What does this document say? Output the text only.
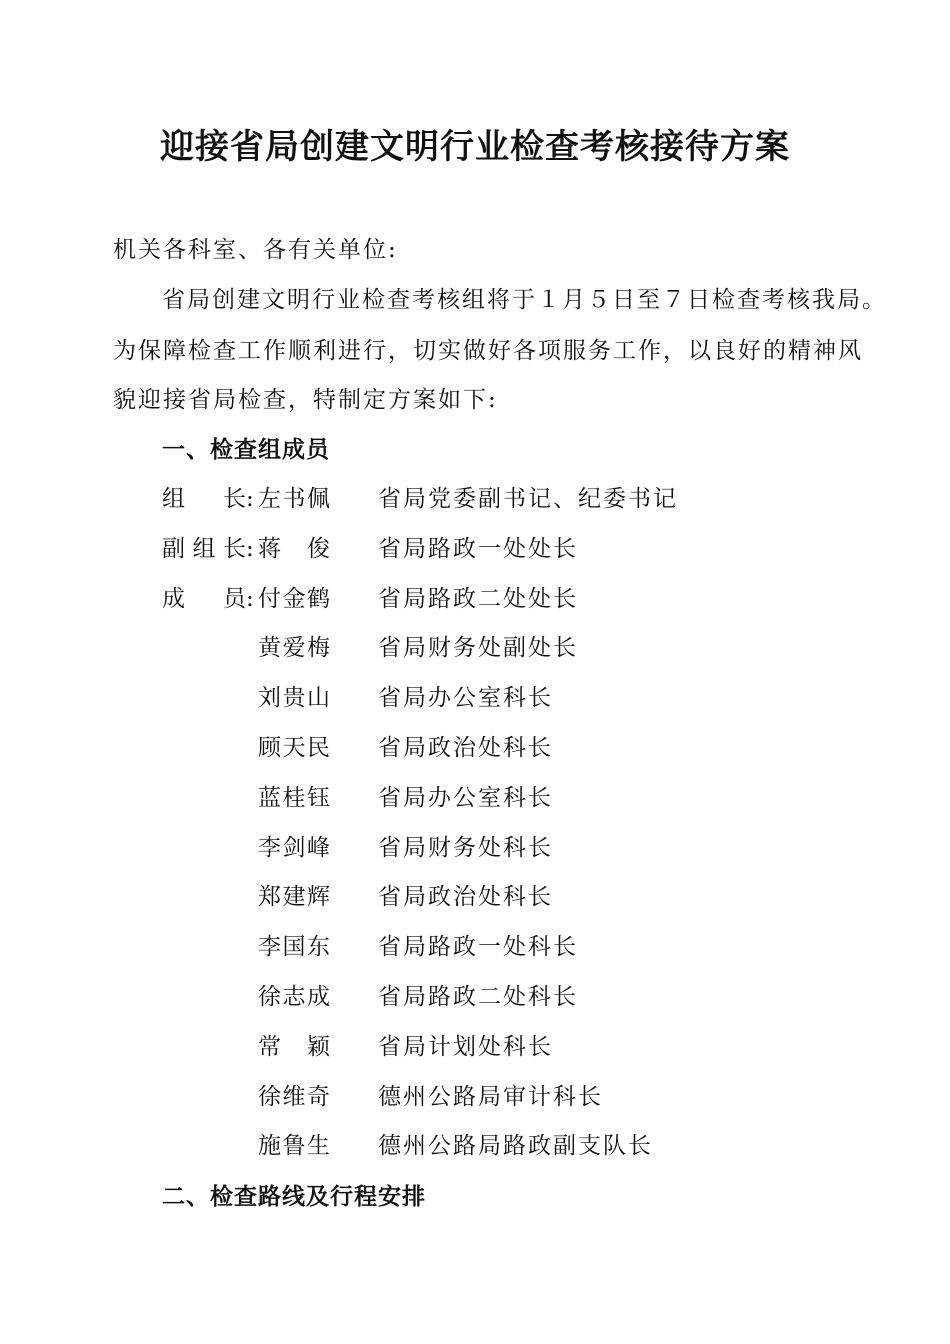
迎接省局创建文明行业检查考核接待方案
机关各科室、各有关单位:
省局创建文明行业检查考核组将于１月５日至７日检查考核我局。
为保障检查工作顺利进行，切实做好各项服务工作，以良好的精神风
貌迎接省局检查，特制定方案如下:
一、检查组成员
组长 : 左书佩 省局党委副书记、纪委书记
副组长 : 蒋俊 省局路政一处处长
成员 : 付金鹤 省局路政二处处长
黄爱梅 省局财务处副处长
刘贵山 省局办公室科长
顾天民 省局政治处科长
蓝桂钰 省局办公室科长
李剑峰 省局财务处科长
郑建辉 省局政治处科长
李国东 省局路政一处科长
徐志成 省局路政二处科长
常颖 省局计划处科长
徐维奇 德州公路局审计科长
施鲁生 德州公路局路政副支队长
二、检查路线及行程安排
